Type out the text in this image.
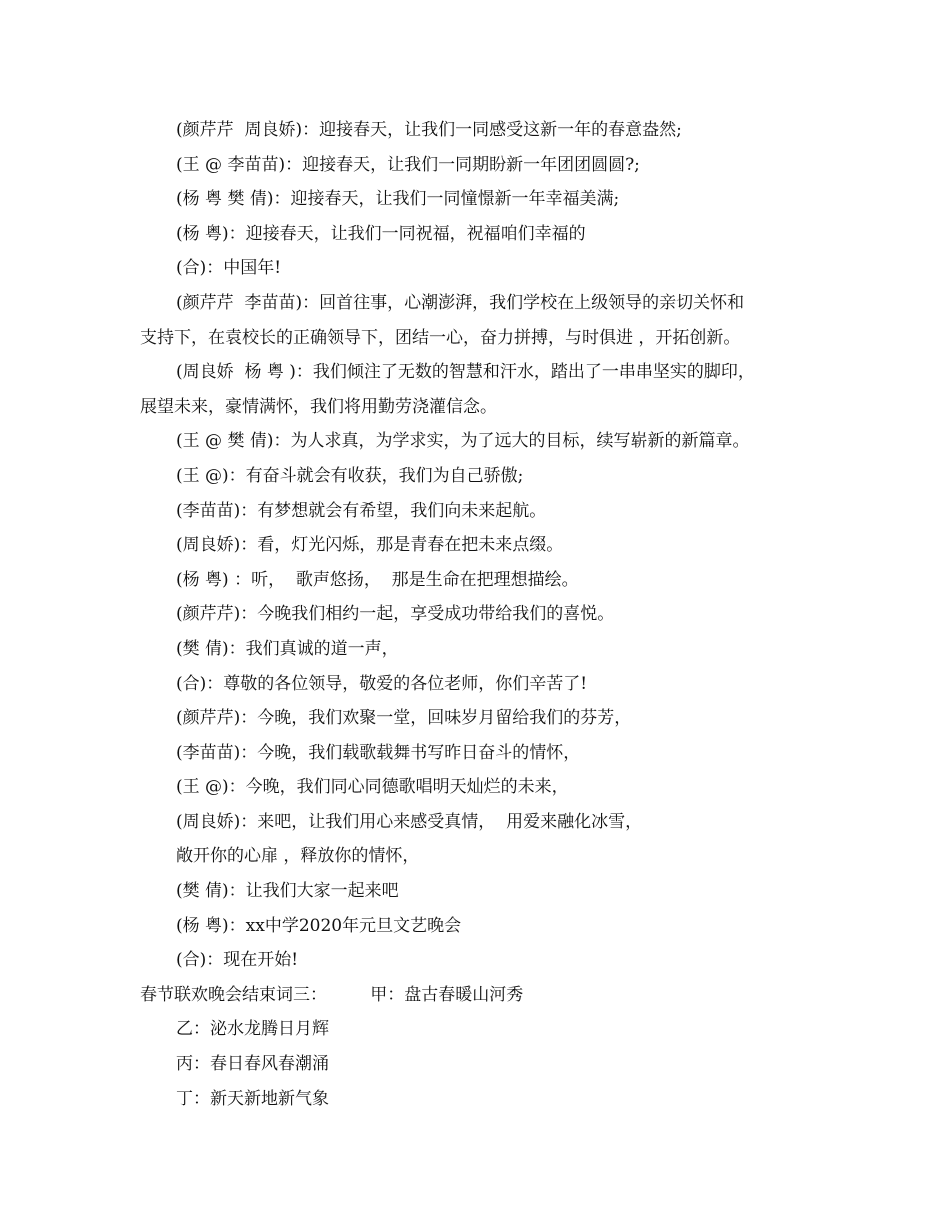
(颜芹芹  周良娇)：迎接春天，让我们一同感受这新一年的春意盎然;
(王 @ 李苗苗)：迎接春天，让我们一同期盼新一年团团圆圆?;
(杨 粤 樊 倩)：迎接春天，让我们一同憧憬新一年幸福美满;
(杨 粤)：迎接春天，让我们一同祝福，祝福咱们幸福的
(合)：中国年!
(颜芹芹  李苗苗)：回首往事，心潮澎湃，我们学校在上级领导的亲切关怀和
支持下，在袁校长的正确领导下，团结一心，奋力拼搏，与时俱进 ，开拓创新。
(周良娇  杨 粤 )：我们倾注了无数的智慧和汗水，踏出了一串串坚实的脚印，
展望未来，豪情满怀，我们将用勤劳浇灌信念。
(王 @ 樊 倩)：为人求真，为学求实，为了远大的目标，续写崭新的新篇章。
(王 @)：有奋斗就会有收获，我们为自己骄傲;
(李苗苗)：有梦想就会有希望，我们向未来起航。
(周良娇)：看，灯光闪烁，那是青春在把未来点缀。
(杨 粤) ：听，  歌声悠扬，  那是生命在把理想描绘。
(颜芹芹)：今晚我们相约一起，享受成功带给我们的喜悦。
(樊 倩)：我们真诚的道一声，
(合)：尊敬的各位领导，敬爱的各位老师，你们辛苦了!
(颜芹芹)：今晚，我们欢聚一堂，回味岁月留给我们的芬芳，
(李苗苗)：今晚，我们载歌载舞书写昨日奋斗的情怀，
(王 @)：今晚，我们同心同德歌唱明天灿烂的未来，
(周良娇)：来吧，让我们用心来感受真情，  用爱来融化冰雪，
敞开你的心扉 ，释放你的情怀，
(樊 倩)：让我们大家一起来吧
(杨 粤)：xx中学2020年元旦文艺晚会
(合)：现在开始!
春节联欢晚会结束词三：        甲：盘古春暖山河秀
乙：泌水龙腾日月辉
丙：春日春风春潮涌
丁：新天新地新气象
